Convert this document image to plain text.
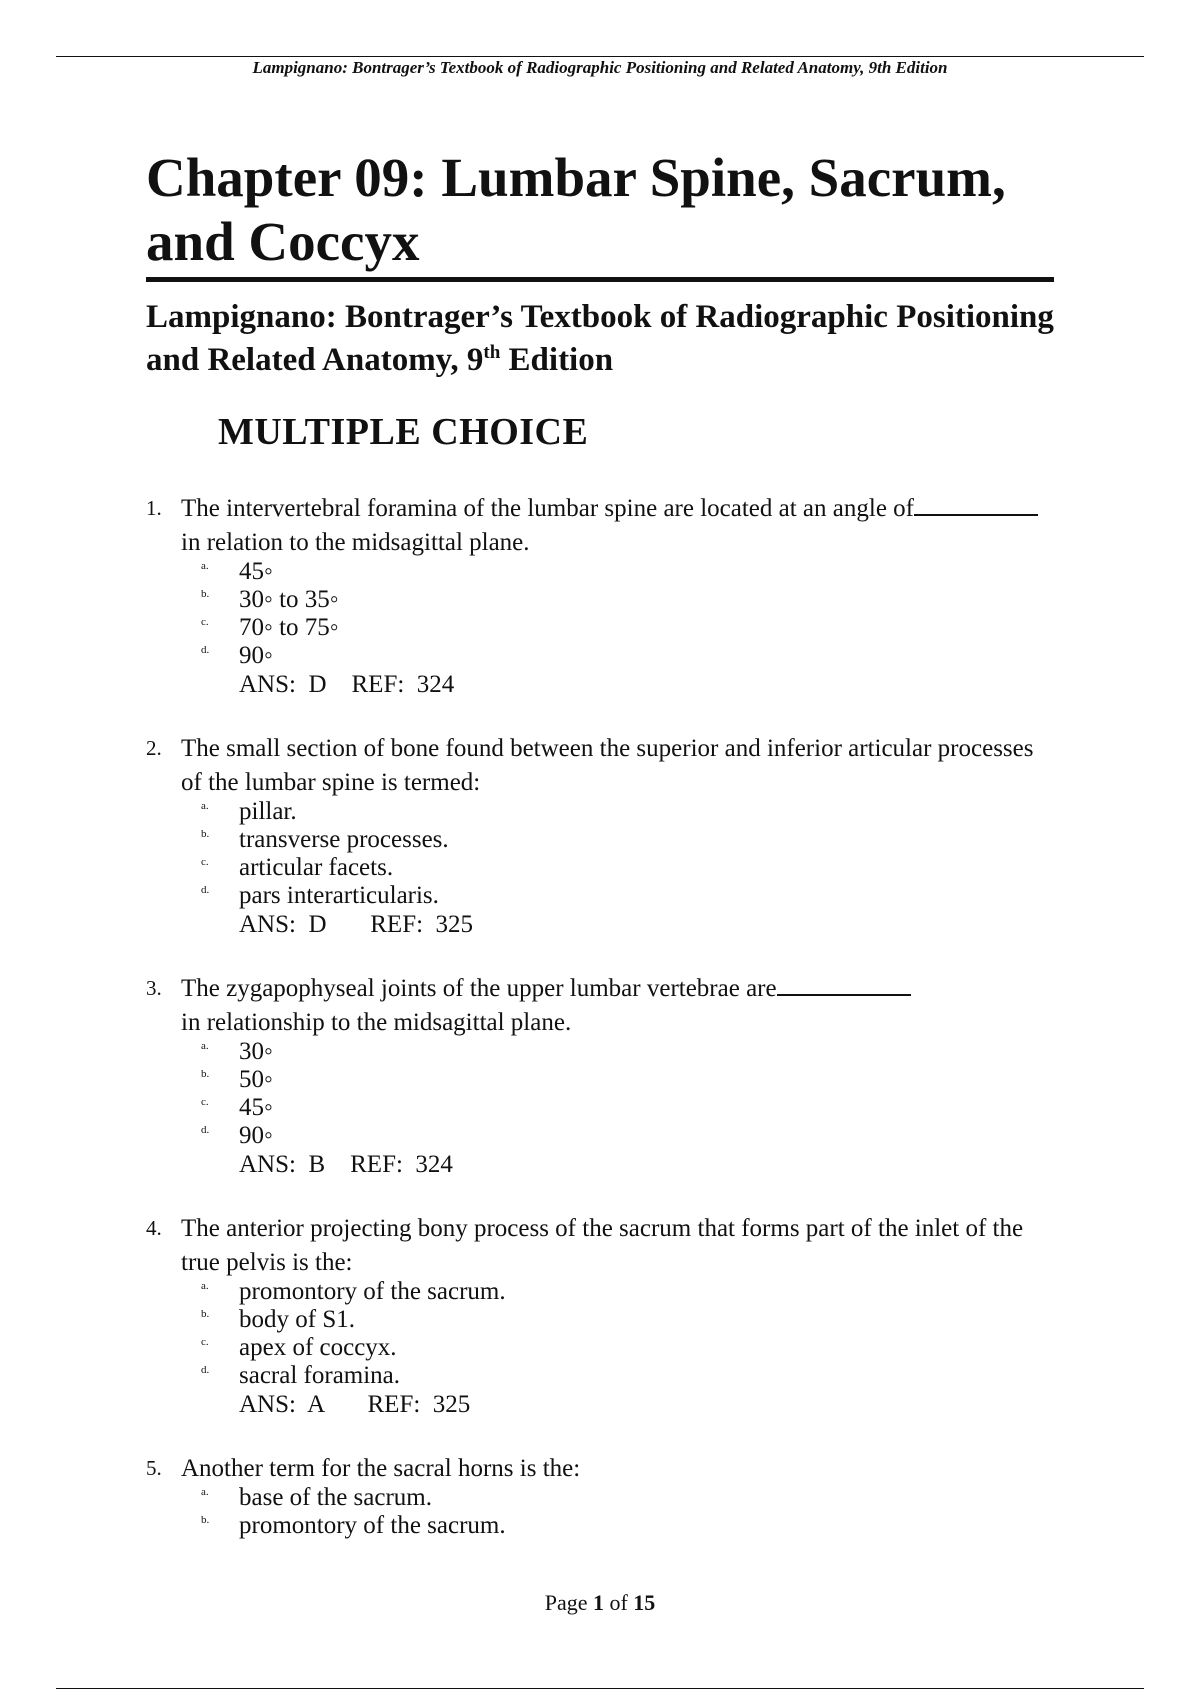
Lampignano: Bontrager’s Textbook of Radiographic Positioning and Related Anatomy, 9th Edition
Chapter 09: Lumbar Spine, Sacrum, and Coccyx
Lampignano: Bontrager’s Textbook of Radiographic Positioning and Related Anatomy, 9th Edition
MULTIPLE CHOICE
1. The intervertebral foramina of the lumbar spine are located at an angle of
in relation to the midsagittal plane.
a. 45◦
b. 30◦ to 35◦
c. 70◦ to 75◦
d. 90◦
ANS:  D    REF:  324
2. The small section of bone found between the superior and inferior articular processes of the lumbar spine is termed:
a. pillar.
b. transverse processes.
c. articular facets.
d. pars interarticularis.
ANS:  D       REF:  325
3. The zygapophyseal joints of the upper lumbar vertebrae are
in relationship to the midsagittal plane.
a. 30◦
b. 50◦
c. 45◦
d. 90◦
ANS:  B    REF:  324
4. The anterior projecting bony process of the sacrum that forms part of the inlet of the true pelvis is the:
a. promontory of the sacrum.
b. body of S1.
c. apex of coccyx.
d. sacral foramina.
ANS:  A       REF:  325
5. Another term for the sacral horns is the:
a. base of the sacrum.
b. promontory of the sacrum.
Page 1 of 15
